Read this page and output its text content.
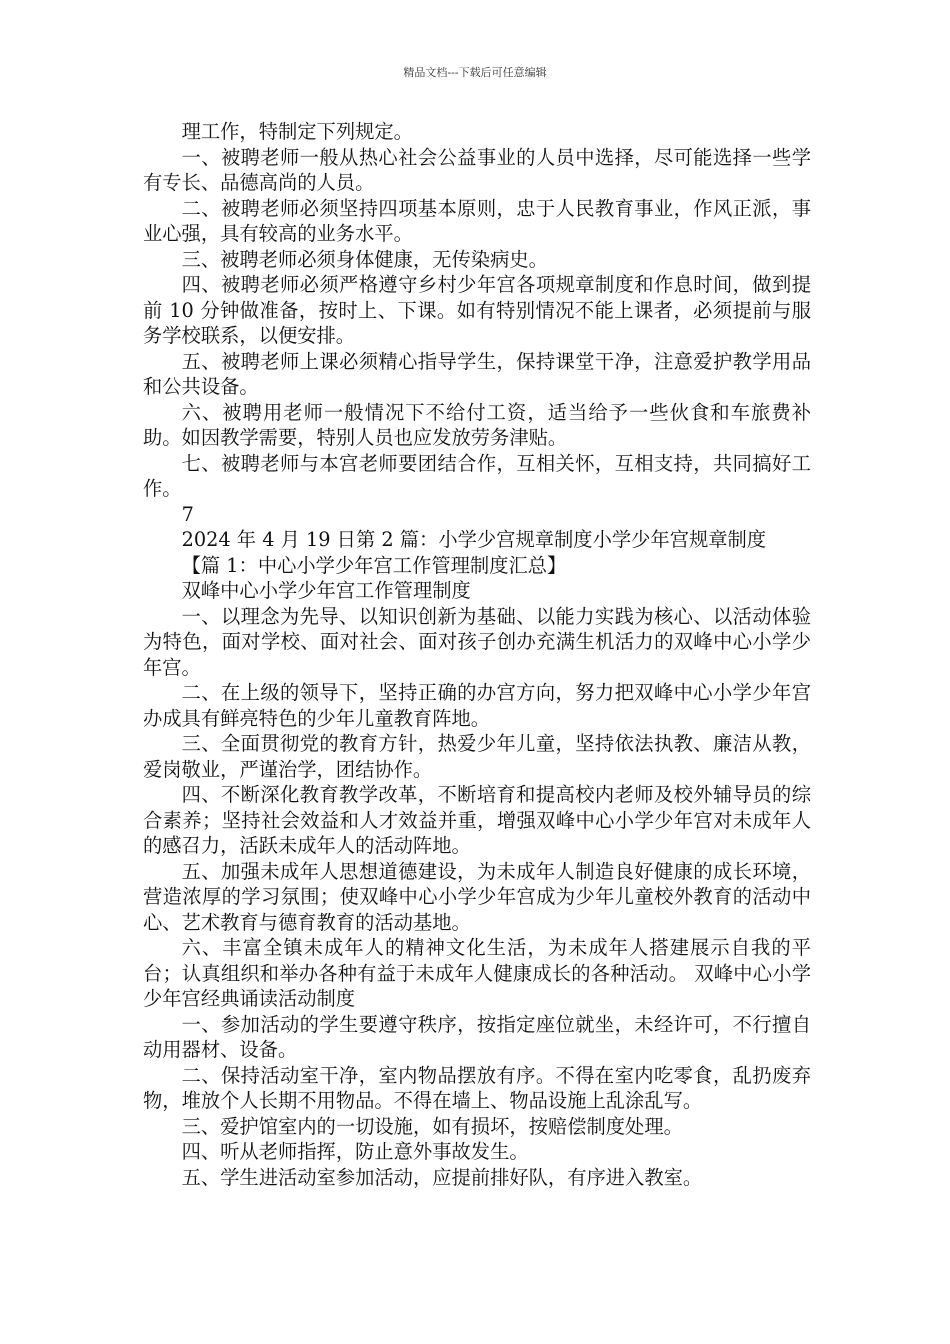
精品文档---下载后可任意编辑

理工作，特制定下列规定。

一、被聘老师一般从热心社会公益事业的人员中选择，尽可能选择一些学有专长、品德高尚的人员。

二、被聘老师必须坚持四项基本原则，忠于人民教育事业，作风正派，事业心强，具有较高的业务水平。

三、被聘老师必须身体健康，无传染病史。

四、被聘老师必须严格遵守乡村少年宫各项规章制度和作息时间，做到提前 10 分钟做准备，按时上、下课。如有特别情况不能上课者，必须提前与服务学校联系，以便安排。

五、被聘老师上课必须精心指导学生，保持课堂干净，注意爱护教学用品和公共设备。

六、被聘用老师一般情况下不给付工资，适当给予一些伙食和车旅费补助。如因教学需要，特别人员也应发放劳务津贴。

七、被聘老师与本宫老师要团结合作，互相关怀，互相支持，共同搞好工作。

7

2024 年 4 月 19 日第 2 篇：小学少宫规章制度小学少年宫规章制度

【篇 1：中心小学少年宫工作管理制度汇总】

双峰中心小学少年宫工作管理制度

一、以理念为先导、以知识创新为基础、以能力实践为核心、以活动体验为特色，面对学校、面对社会、面对孩子创办充满生机活力的双峰中心小学少年宫。

二、在上级的领导下，坚持正确的办宫方向，努力把双峰中心小学少年宫办成具有鲜亮特色的少年儿童教育阵地。

三、全面贯彻党的教育方针，热爱少年儿童，坚持依法执教、廉洁从教，爱岗敬业，严谨治学，团结协作。

四、不断深化教育教学改革，不断培育和提高校内老师及校外辅导员的综合素养；坚持社会效益和人才效益并重，增强双峰中心小学少年宫对未成年人的感召力，活跃未成年人的活动阵地。

五、加强未成年人思想道德建设，为未成年人制造良好健康的成长环境，营造浓厚的学习氛围；使双峰中心小学少年宫成为少年儿童校外教育的活动中心、艺术教育与德育教育的活动基地。

六、丰富全镇未成年人的精神文化生活，为未成年人搭建展示自我的平台；认真组织和举办各种有益于未成年人健康成长的各种活动。 双峰中心小学少年宫经典诵读活动制度

一、参加活动的学生要遵守秩序，按指定座位就坐，未经许可，不行擅自动用器材、设备。

二、保持活动室干净，室内物品摆放有序。不得在室内吃零食，乱扔废弃物，堆放个人长期不用物品。不得在墙上、物品设施上乱涂乱写。

三、爱护馆室内的一切设施，如有损坏，按赔偿制度处理。

四、听从老师指挥，防止意外事故发生。

五、学生进活动室参加活动，应提前排好队，有序进入教室。
